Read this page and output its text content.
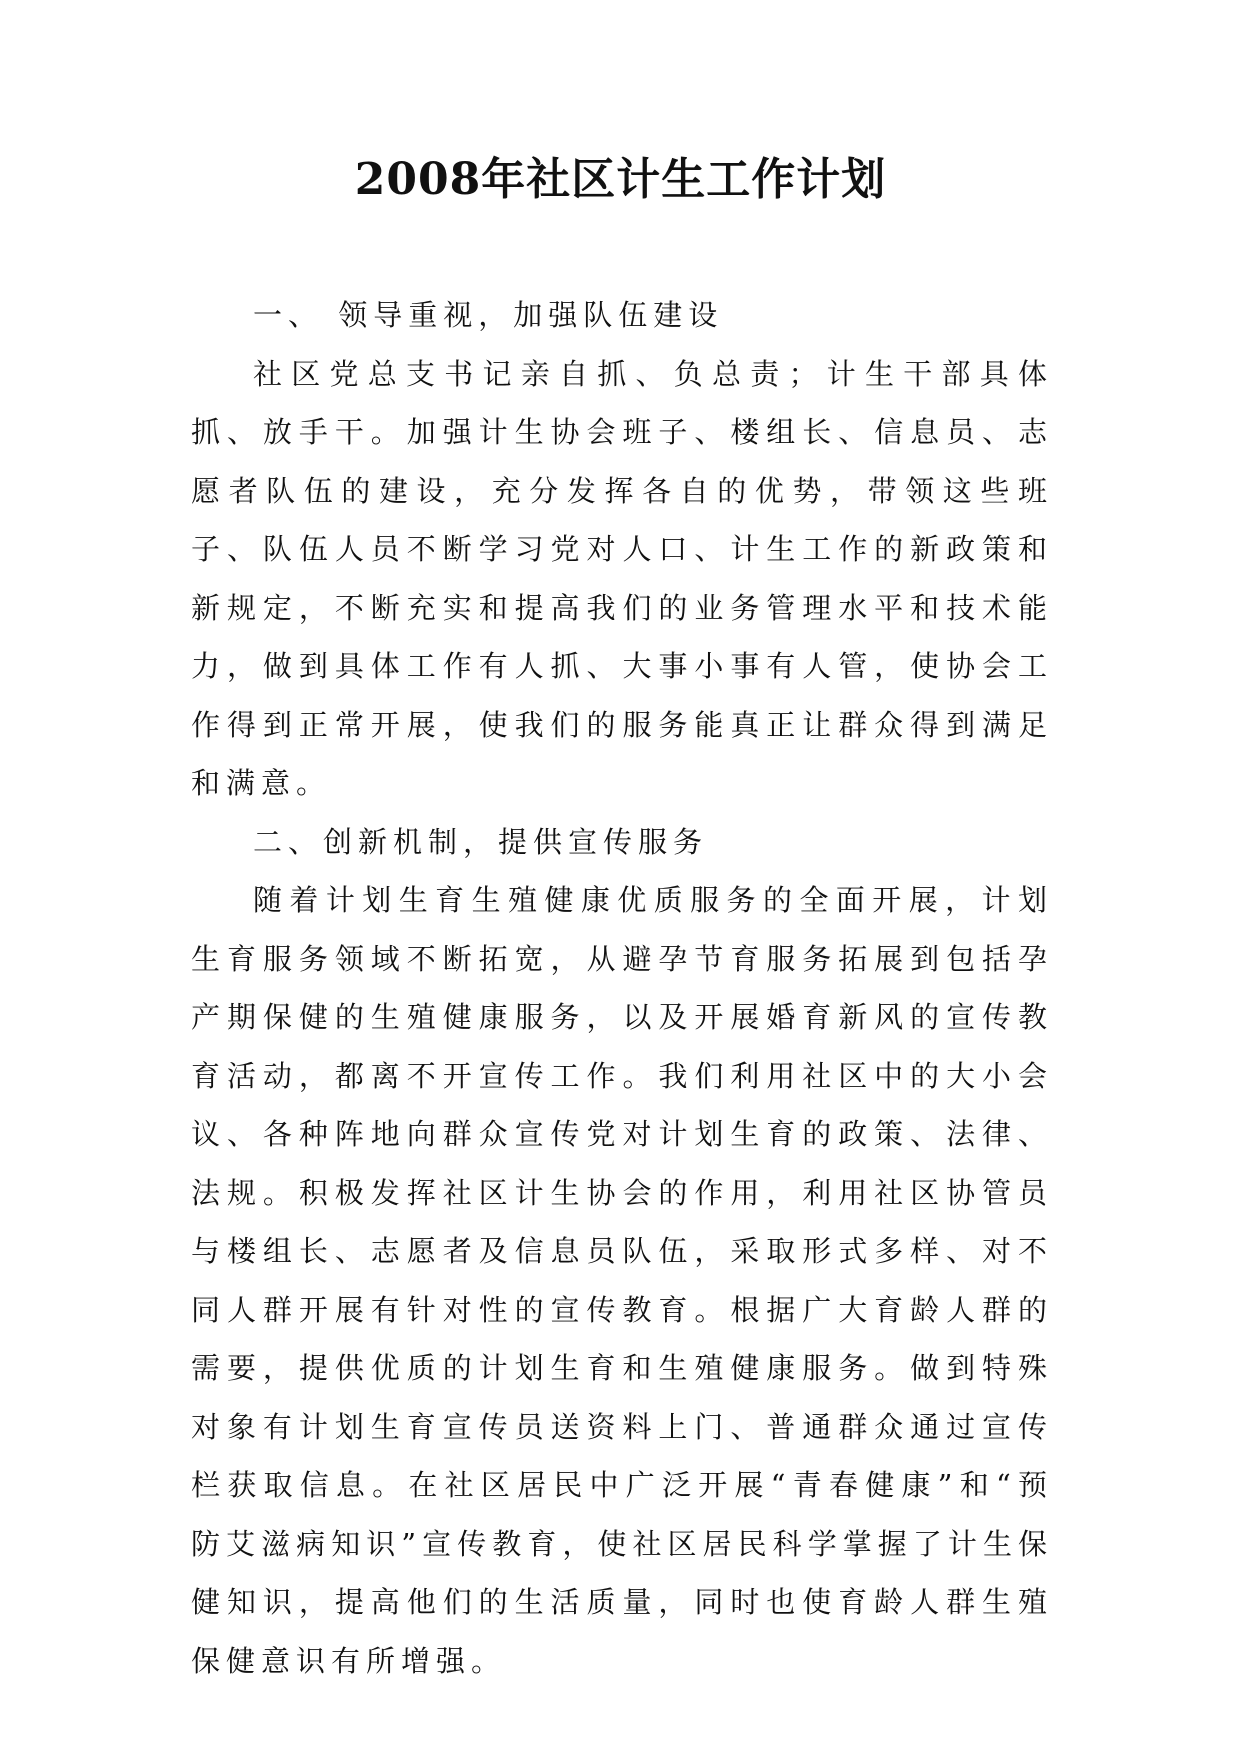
2008年社区计生工作计划

一、 领导重视，加强队伍建设

社区党总支书记亲自抓、负总责；计生干部具体抓、放手干。加强计生协会班子、楼组长、信息员、志愿者队伍的建设，充分发挥各自的优势，带领这些班子、队伍人员不断学习党对人口、计生工作的新政策和新规定，不断充实和提高我们的业务管理水平和技术能力，做到具体工作有人抓、大事小事有人管，使协会工作得到正常开展，使我们的服务能真正让群众得到满足和满意。

二、创新机制，提供宣传服务

随着计划生育生殖健康优质服务的全面开展，计划生育服务领域不断拓宽，从避孕节育服务拓展到包括孕产期保健的生殖健康服务，以及开展婚育新风的宣传教育活动，都离不开宣传工作。我们利用社区中的大小会议、各种阵地向群众宣传党对计划生育的政策、法律、法规。积极发挥社区计生协会的作用，利用社区协管员与楼组长、志愿者及信息员队伍，采取形式多样、对不同人群开展有针对性的宣传教育。根据广大育龄人群的需要，提供优质的计划生育和生殖健康服务。做到特殊对象有计划生育宣传员送资料上门、普通群众通过宣传栏获取信息。在社区居民中广泛开展“青春健康”和“预防艾滋病知识”宣传教育，使社区居民科学掌握了计生保健知识，提高他们的生活质量，同时也使育龄人群生殖保健意识有所增强。
